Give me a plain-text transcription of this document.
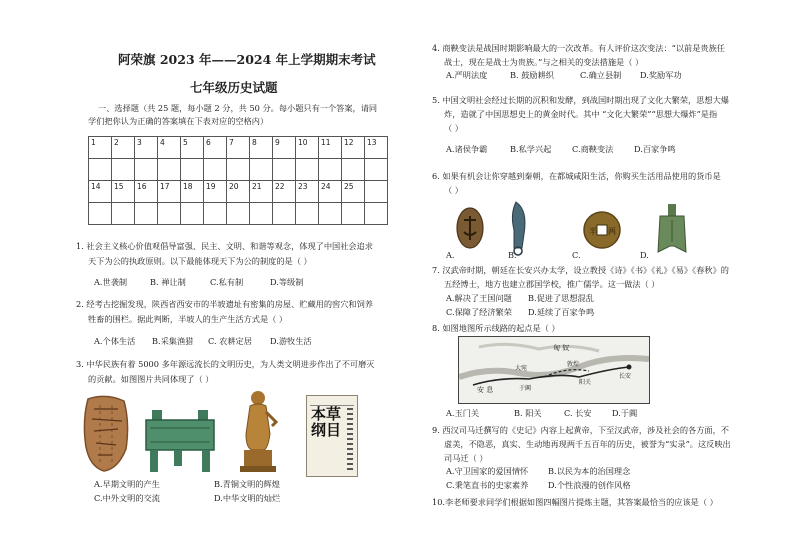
阿荣旗 2023 年——2024 年上学期期末考试
七年级历史试题
一、选择题（共 25 题，每小题 2 分，共 50 分。每小题只有一个答案，请同
学们把你认为正确的答案填在下表对应的空格内）
1	2	3	4	5	6	7	8	9	10	11	12	13

14	15	16	17	18	19	20	21	22	23	24	25	

1. 社会主义核心价值观倡导富强、民主、文明、和谐等观念，体现了中国社会追求
天下为公的执政原则。以下最能体现天下为公的制度的是（ ）
A.世袭制	B. 禅让制	C.私有制	D.等级制
2. 经考古挖掘发现，陕西省西安市的半坡遗址有密集的房屋、贮藏用的窖穴和饲养
牲畜的围栏。据此判断，半坡人的生产生活方式是（ ）
A.个体生活 B.采集渔猎 C. 农耕定居 D.游牧生活
3. 中华民族有着 5000 多年源远流长的文明历史，为人类文明进步作出了不可磨灭
的贡献。如图图片共同体现了（ ）
本草纲目
A.早期文明的产生	B.青铜文明的辉煌
C.中外文明的交流	D.中华文明的灿烂
4. 商鞅变法是战国时期影响最大的一次改革。有人评价这次变法：“以前是贵族任
战士，现在是战士为贵族。”与之相关的变法措施是（ ）
A.严明法度	B. 鼓励耕织	C.确立县制 D.奖励军功
5. 中国文明社会经过长期的沉积和发酵，到战国时期出现了文化大繁荣，思想大爆
炸，造就了中国思想史上的黄金时代。其中 “文化大繁荣”“思想大爆炸”是指
（ ）
A.诸侯争霸	B.私学兴起	C.商鞅变法	D.百家争鸣
6. 如果有机会让你穿越到秦朝，在都城咸阳生活，你购买生活用品使用的货币是
（ ）
半 两
A.	B.	C.	D.
7. 汉武帝时期，朝廷在长安兴办太学，设立教授《诗》《书》《礼》《易》《春秋》的
五经博士，地方也建立郡国学校，推广儒学。这一做法（ ）
A.解决了王国问题 B.促进了思想混乱
C.保障了经济繁荣 D.延续了百家争鸣
8. 如图地图所示线路的起点是（ ）
匈 奴
安 息	于阗
敦煌
大宛
长安
阳关
A.玉门关	B. 阳关	C. 长安 D.于阗
9. 西汉司马迁撰写的《史记》内容上起黄帝，下至汉武帝，涉及社会的各方面，不
虚美，不隐恶，真实、生动地再现两千五百年的历史，被誉为“实录”。这反映出
司马迁（ ）
A.守卫国家的爱国情怀 B.以民为本的治国理念
C.秉笔直书的史家素养 D.个性浪漫的创作风格
10.李老师要求同学们根据如图四幅图片提炼主题，其答案最恰当的应该是（ ）
